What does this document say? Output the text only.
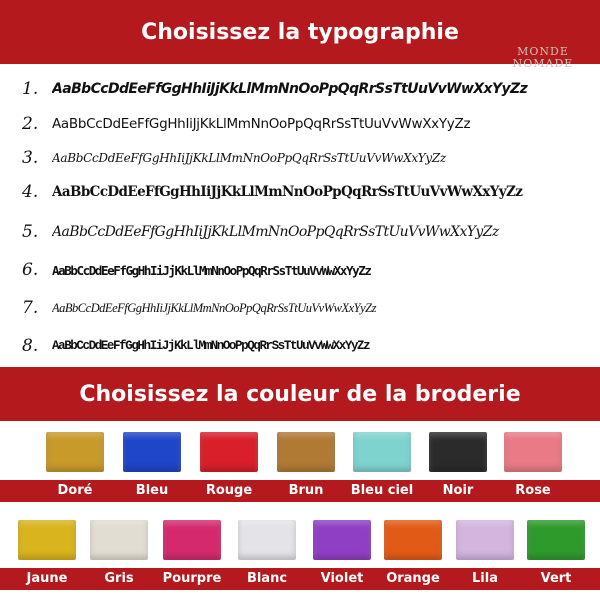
Choisissez la typographie
MONDE
NOMADE
1. AaBbCcDdEeFfGgHhIiJjKkLlMmNnOoPpQqRrSsTtUuVvWwXxYyZz
2.	AaBbCcDdEeFfGgHhIiJjKkLlMmNnOoPpQqRrSsTtUuVvWwXxYyZz
3.	AaBbCcDdEeFfGgHhIiJjKkLlMmNnOoPpQqRrSsTtUuVvWwXxYyZz
4.	AaBbCcDdEeFfGgHhIiJjKkLlMmNnOoPpQqRrSsTtUuVvWwXxYyZz
5. AaBbCcDdEeFfGgHhIiJjKkLlMmNnOoPpQqRrSsTtUuVvWwXxYyZz
6.	AaBbCcDdEeFfGgHhIiJjKkLlMmNnOoPpQqRrSsTtUuVvWwXxYyZz
7.	AaBbCcDdEeFfGgHhIiJjKkLlMmNnOoPpQqRrSsTtUuVvWwXxYyZz
8.	AaBbCcDdEeFfGgHhIiJjKkLlMmNnOoPpQqRrSsTtUuVvWwXxYyZz
Choisissez la couleur de la broderie
Doré	Bleu	Rouge	Brun	Bleu ciel	Noir	Rose
Jaune	Gris	Pourpre	Blanc	Violet	Orange	Lila	Vert
